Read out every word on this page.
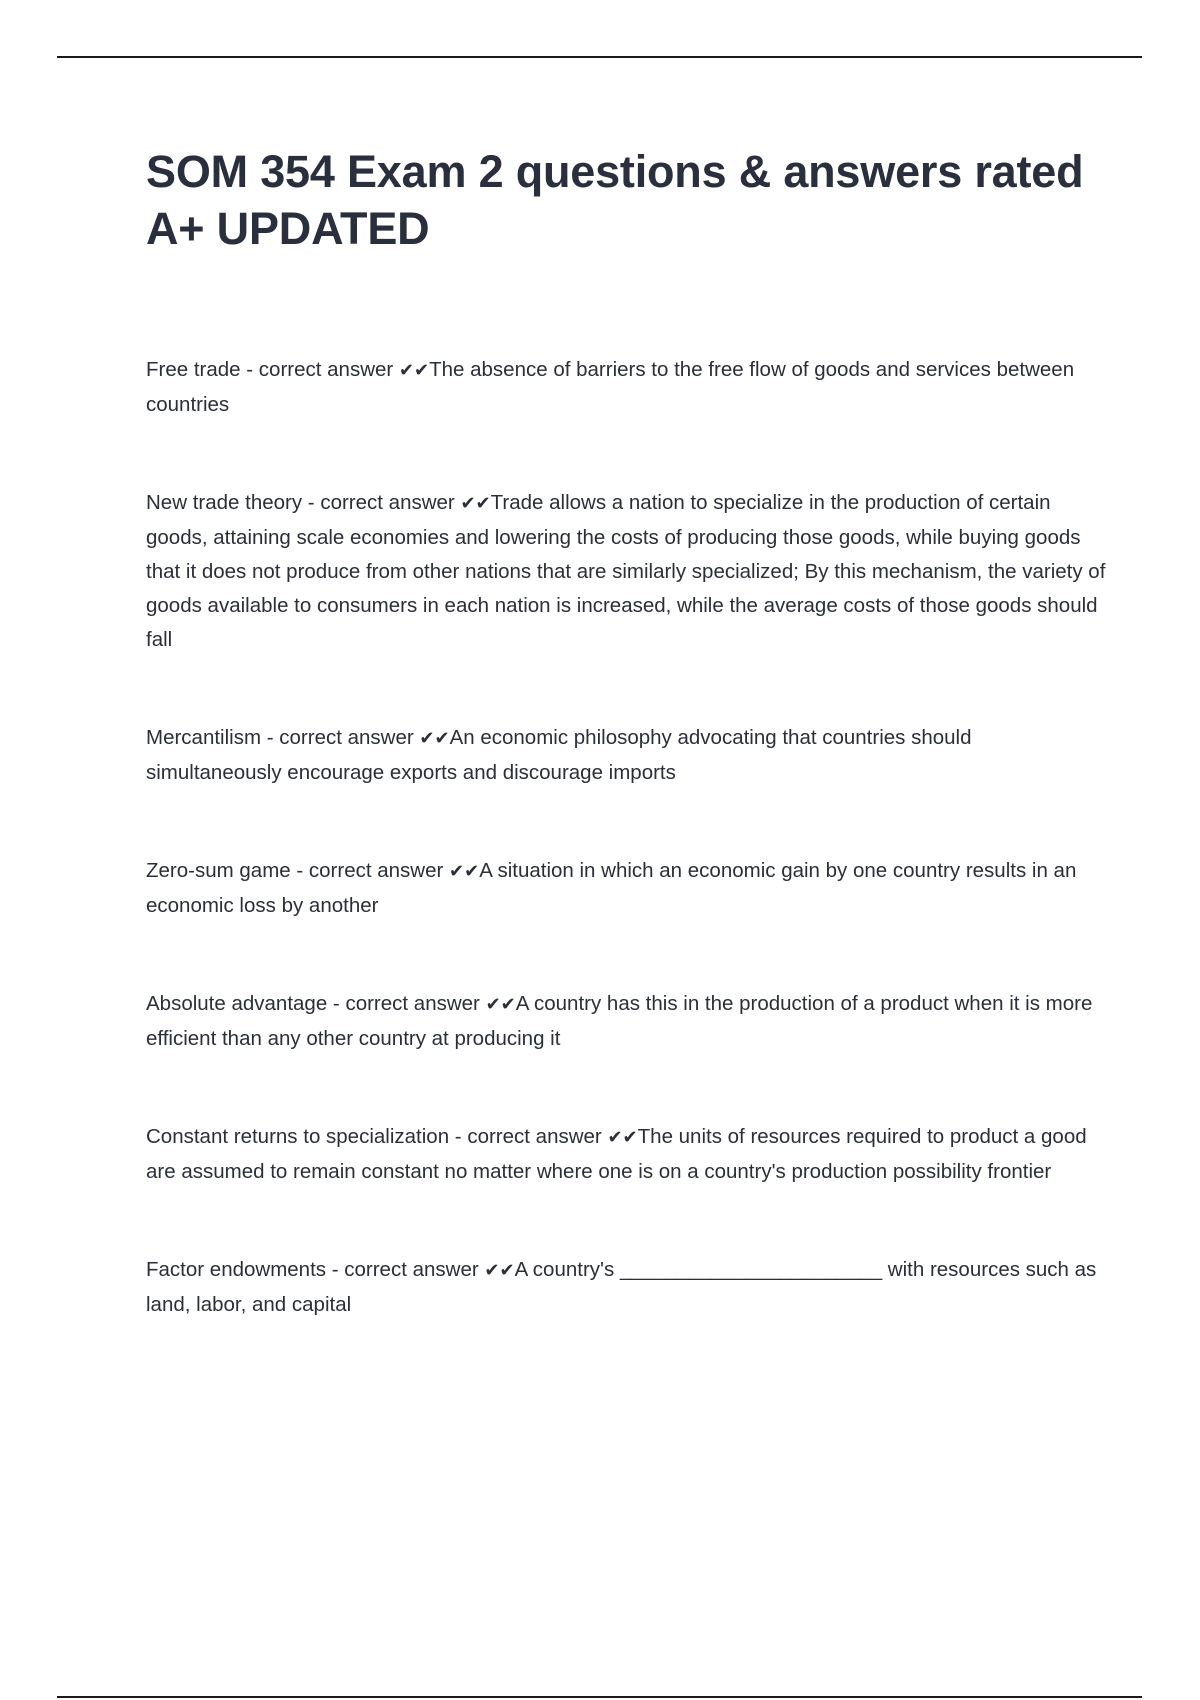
SOM 354 Exam 2 questions & answers rated A+ UPDATED

Free trade - correct answer ✔✔The absence of barriers to the free flow of goods and services between countries

New trade theory - correct answer ✔✔Trade allows a nation to specialize in the production of certain goods, attaining scale economies and lowering the costs of producing those goods, while buying goods that it does not produce from other nations that are similarly specialized; By this mechanism, the variety of goods available to consumers in each nation is increased, while the average costs of those goods should fall

Mercantilism - correct answer ✔✔An economic philosophy advocating that countries should simultaneously encourage exports and discourage imports

Zero-sum game - correct answer ✔✔A situation in which an economic gain by one country results in an economic loss by another

Absolute advantage - correct answer ✔✔A country has this in the production of a product when it is more efficient than any other country at producing it

Constant returns to specialization - correct answer ✔✔The units of resources required to product a good are assumed to remain constant no matter where one is on a country's production possibility frontier

Factor endowments - correct answer ✔✔A country's _______________________ with resources such as land, labor, and capital
